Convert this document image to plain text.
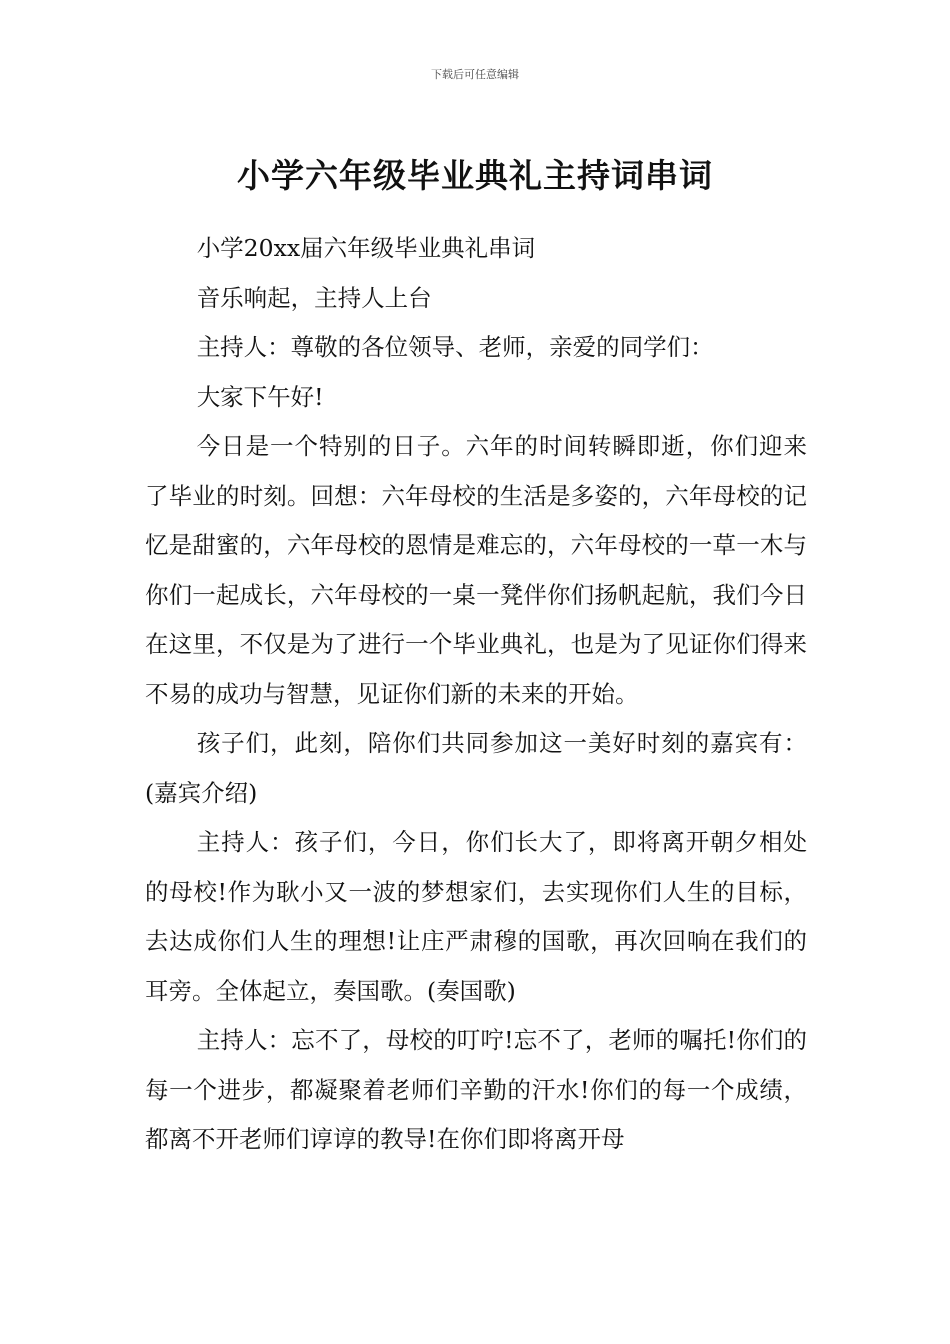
下载后可任意编辑
小学六年级毕业典礼主持词串词

小学20xx届六年级毕业典礼串词

音乐响起，主持人上台

主持人：尊敬的各位领导、老师，亲爱的同学们：

大家下午好!

今日是一个特别的日子。六年的时间转瞬即逝，你们迎来了毕业的时刻。回想：六年母校的生活是多姿的，六年母校的记忆是甜蜜的，六年母校的恩情是难忘的，六年母校的一草一木与你们一起成长，六年母校的一桌一凳伴你们扬帆起航，我们今日在这里，不仅是为了进行一个毕业典礼，也是为了见证你们得来不易的成功与智慧，见证你们新的未来的开始。

孩子们，此刻，陪你们共同参加这一美好时刻的嘉宾有：(嘉宾介绍)

主持人：孩子们，今日，你们长大了，即将离开朝夕相处的母校!作为耿小又一波的梦想家们，去实现你们人生的目标，去达成你们人生的理想!让庄严肃穆的国歌，再次回响在我们的耳旁。全体起立，奏国歌。(奏国歌)

主持人：忘不了，母校的叮咛!忘不了，老师的嘱托!你们的每一个进步，都凝聚着老师们辛勤的汗水!你们的每一个成绩，都离不开老师们谆谆的教导!在你们即将离开母
